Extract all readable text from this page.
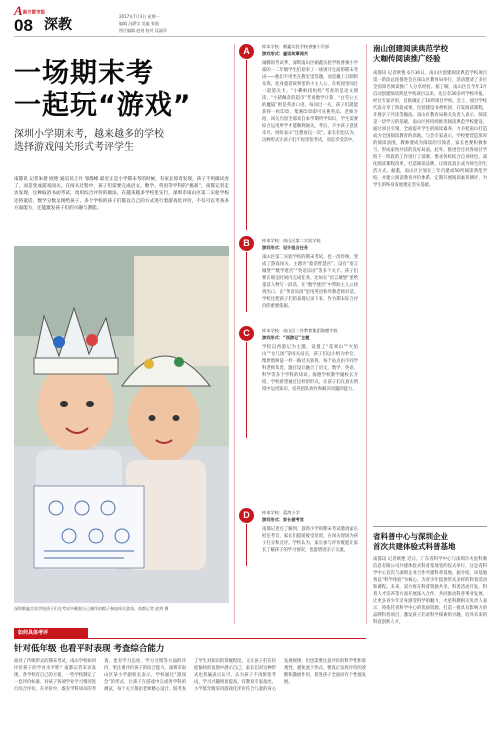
A南方都市报
08 深教
2017年7月3日 星期一
编辑 冯爵宗 美编 张媛
图片编辑 赵剑 校对 谈淑萍
一场期末考
一起玩“游戏”
深圳小学期末考，越来越多的学校
选择游戏闯关形式考评学生
南都讯 记者朱倩 欧艳 通讯员王丹 邹群峰 最近正是小学期末考的时候，有家长惊奇发现，孩子不用做试卷了，而是变成游戏闯关。在闯关过程中，孩子们需要完成语文、数学、英语等学科的“挑战”，南都记者走访发现，这种取消书面考试，改用综合评价的做法，在越来越多学校里实行，深圳市南山区第二实验学校还将童话、数学分数呈现给孩子，多个学校的孩子们都以自己的方式进行着游戏化评价，不仅可以考查多方面能力，还能激发孩子们的兴趣与潜能。
深圳朝鑫实验学校孩子们在考试中戴着自己制作的帽子参加闯关游戏。南都记者 赵剑 摄
A	样本学校：朝鑫实验学校香蜜小学部
游戏形式：童话故事闯关
闹腾的考试季，深圳南山区朝鑫实验学校香蜜小学部的一二年级学生们迎来了一场别开生面的期末考试——他们不用坐在教室里答题，而是戴上自制的头饰，化身童话故事里的小主人公，在校园里闯过一道道关卡。“小蝌蚪找妈妈”考查的是语文朗读，“小猪佩奇的超市”考查数学计算，“白雪公主的魔镜”则是英语口语。每闯过一关，孩子们就能获得一枚印章，集满印章即可兑换奖品。老师介绍，闯关内容全部来自本学期所学知识，学生需要综合运用所学才能顺利通关。考后，不少孩子意犹未尽，纷纷表示“还想再玩一次”。家长们也认为，这种形式让孩子们不再害怕考试，而是享受其中。
B	样本学校：南山区第二实验学校
游戏形式：设计组合任务
南山区第二实验学校的期末考试，也一改传统，变成了游戏闯关。主题为“童话智慧宫”，设有“语言城堡”“数学迷宫”“英语乐园”等多个关卡。孩子们要在规定时间内完成任务，比如在“语言城堡”里给童话人物写一段话，在“数学迷宫”中帮助主人公找到出口，在“英语乐园”里用英语和外教老师对话。学校还把孩子们的表现记录下来，作为期末综合评价的重要依据。
C	样本学校：南山区二外教育集团海德学校
游戏形式：“西游记”主题
学校以西游记为主题，设置了“花果山”“火焰山”“女儿国”等闯关站点，孩子们以小组为单位，像唐僧师徒一样一路过关斩将。每个站点由不同学科老师负责，题目设计融合了语文、数学、英语、科学等多个学科的知识。海德学校教学副校长介绍，学校希望通过这样的形式，让孩子们在真实情境中运用知识，培养团队协作和解决问题的能力。
D	样本学校：荔湾小学
游戏形式：家长做考官
南都记者还了解到，荔湾小学的期末考试邀请家长担任考官，家长们提前接受培训，在闯关现场为孩子打分和点评。学校认为，家长参与评价既能让家长了解孩子的学习情况，也能增进亲子交流。
南山创建阅读典范学校
大咖传阅读推广经验
南都讯 记者欧艳 6月30日，南山区创建阅读典范学校项目第一阶段总结推进会在南山区教育局举行，活动邀请了多位全国知名阅读推广人分享经验。据了解，南山区自今年3月启动创建阅读典范学校项目以来，先后有30多所学校申报，经过专家评审，首批确定了10所项目学校。会上，项目学校代表分享了阶段成果，包括建设书香校园、开发阅读课程、开展亲子共读等做法。南山区教育局相关负责人表示，阅读是一切学习的基础，南山区将持续推进阅读典范学校建设，通过项目引领，全面提升学生的阅读素养，力争把南山打造成为全国阅读教育的高地。与会专家表示，学校要营造浓厚的阅读氛围，教师要成为阅读的引领者，家长也要积极参与，形成家校共读的良好局面。此外，推进会还对各项目学校下一阶段的工作进行了部署，要求各校结合自身特色，深化阅读课程改革，打造阅读品牌，让阅读真正成为师生的生活方式。据悉，南山区计划在三年内建成50所阅读典范学校，并建立阅读教育评价体系，定期开展阅读素养测评，为学生的终身发展奠定坚实基础。
省科普中心与深圳企业
首次共建体验式科普基地
南都讯 记者欧艳 近日，广东省科学中心与深圳市火星科教信息有限公司共建体验式科普基地签约仪式举行，这是省科学中心首次与深圳企业合作共建科普基地。据介绍，该基地将以“科学体验”为核心，为青少年提供形式多样的科普活动和课程。未来，双方将在科普资源共享、科普活动开发、科普人才培养等方面开展深入合作，共同推动科普事业发展，让更多青少年亲身感受科学的魅力。火星科教相关负责人表示，将依托省科学中心的优质资源，打造一批具有影响力的品牌科普项目，激发孩子们对科学探索的兴趣，培养未来的科技创新人才。
如何具体考评
针对低年级 也看平时表现 考查综合能力
面对了传统形式的期末考试，南山学校如何评价孩子的学业水平呢？南都记者采访发现，各学校有自己的方案，一些学校制定了一套评价标准，对孩子各项学业学习情况进行综合评价。在评价中，既有学科知识的考查，也有学习态度、学习习惯等方面的评价，更注重评价孩子的综合能力。深圳市南山区某小学副校长表示，学校通过“游园会”的形式，让孩子在游戏中完成各学科的测试，每个关卡都由老师精心设计，既考查了学生对知识的掌握程度，又让孩子们在轻松愉快的氛围中展示自己。家长们对这种形式也普遍表示认可，认为孩子不再惧怕考试，学习兴趣明显提高。有教育专家指出，小学低年级采用游戏化评价符合儿童的身心发展规律，但也需要注意评价的科学性和客观性，避免流于形式，要真正发挥评价的诊断和激励作用，促进孩子全面而有个性地发展。
